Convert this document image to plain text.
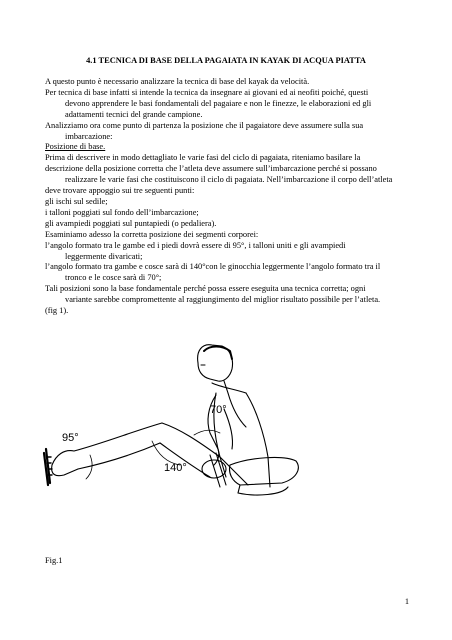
4.1 TECNICA DI BASE DELLA PAGAIATA IN KAYAK DI ACQUA PIATTA

A questo punto è necessario analizzare la tecnica di base del kayak da velocità.

Per tecnica di base infatti si intende la tecnica da insegnare ai giovani ed ai neofiti poiché, questi

devono apprendere le basi fondamentali del pagaiare e non le finezze, le elaborazioni ed gli

adattamenti tecnici del grande campione.

Analizziamo ora come punto di partenza la posizione che il pagaiatore deve assumere sulla sua

imbarcazione:

Posizione di base.

Prima di descrivere in modo dettagliato le varie fasi del ciclo di pagaiata, riteniamo basilare la

descrizione della posizione corretta che l’atleta deve assumere sull’imbarcazione perché si possano

realizzare le varie fasi che costituiscono il ciclo di pagaiata. Nell’imbarcazione il corpo dell’atleta

deve trovare appoggio sui tre seguenti punti:

gli ischi sul sedile;

i talloni poggiati sul fondo dell’imbarcazione;

gli avampiedi poggiati sul puntapiedi (o pedaliera).

Esaminiamo adesso la corretta posizione dei segmenti corporei:

l’angolo formato tra le gambe ed i piedi dovrà essere di 95°, i talloni uniti e gli avampiedi

leggermente divaricati;

l’angolo formato tra gambe e cosce sarà di 140°con le ginocchia leggermente l’angolo formato tra il

tronco e le cosce sarà di 70°;

Tali posizioni sono la base fondamentale perché possa essere eseguita una tecnica corretta; ogni

variante sarebbe compromettente al raggiungimento del miglior risultato possibile per l’atleta.

(fig 1).

70°
95°
140°
Fig.1
1
